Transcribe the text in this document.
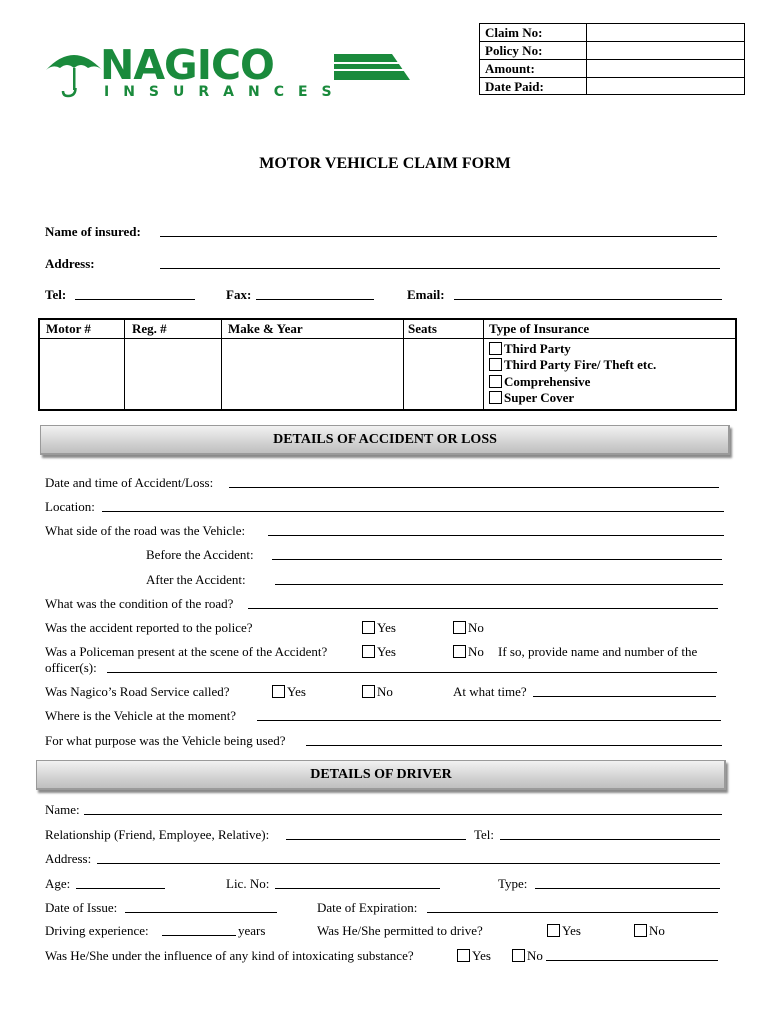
NAGICO
INSURANCES
Claim No:
Policy No:
Amount:
Date Paid:
MOTOR VEHICLE CLAIM FORM
Name of insured:
Address:
Tel:	Fax:	Email:
Motor #	Reg. #	Make & Year	Seats	Type of Insurance
Third Party
Third Party Fire/ Theft etc.
Comprehensive
Super Cover
DETAILS OF ACCIDENT OR LOSS
Date and time of Accident/Loss:
Location:
What side of the road was the Vehicle:
Before the Accident:
After the Accident:
What was the condition of the road?
Was the accident reported to the police?	Yes	No
Was a Policeman present at the scene of the Accident?	Yes	No If so, provide name and number of the
officer(s):
Was Nagico’s Road Service called?	Yes	No	At what time?
Where is the Vehicle at the moment?
For what purpose was the Vehicle being used?
DETAILS OF DRIVER
Name:
Relationship (Friend, Employee, Relative):	Tel:
Address:
Age:	Lic. No:	Type:
Date of Issue:	Date of Expiration:
Driving experience:	years	Was He/She permitted to drive?	Yes	No
Was He/She under the influence of any kind of intoxicating substance?	Yes	No
